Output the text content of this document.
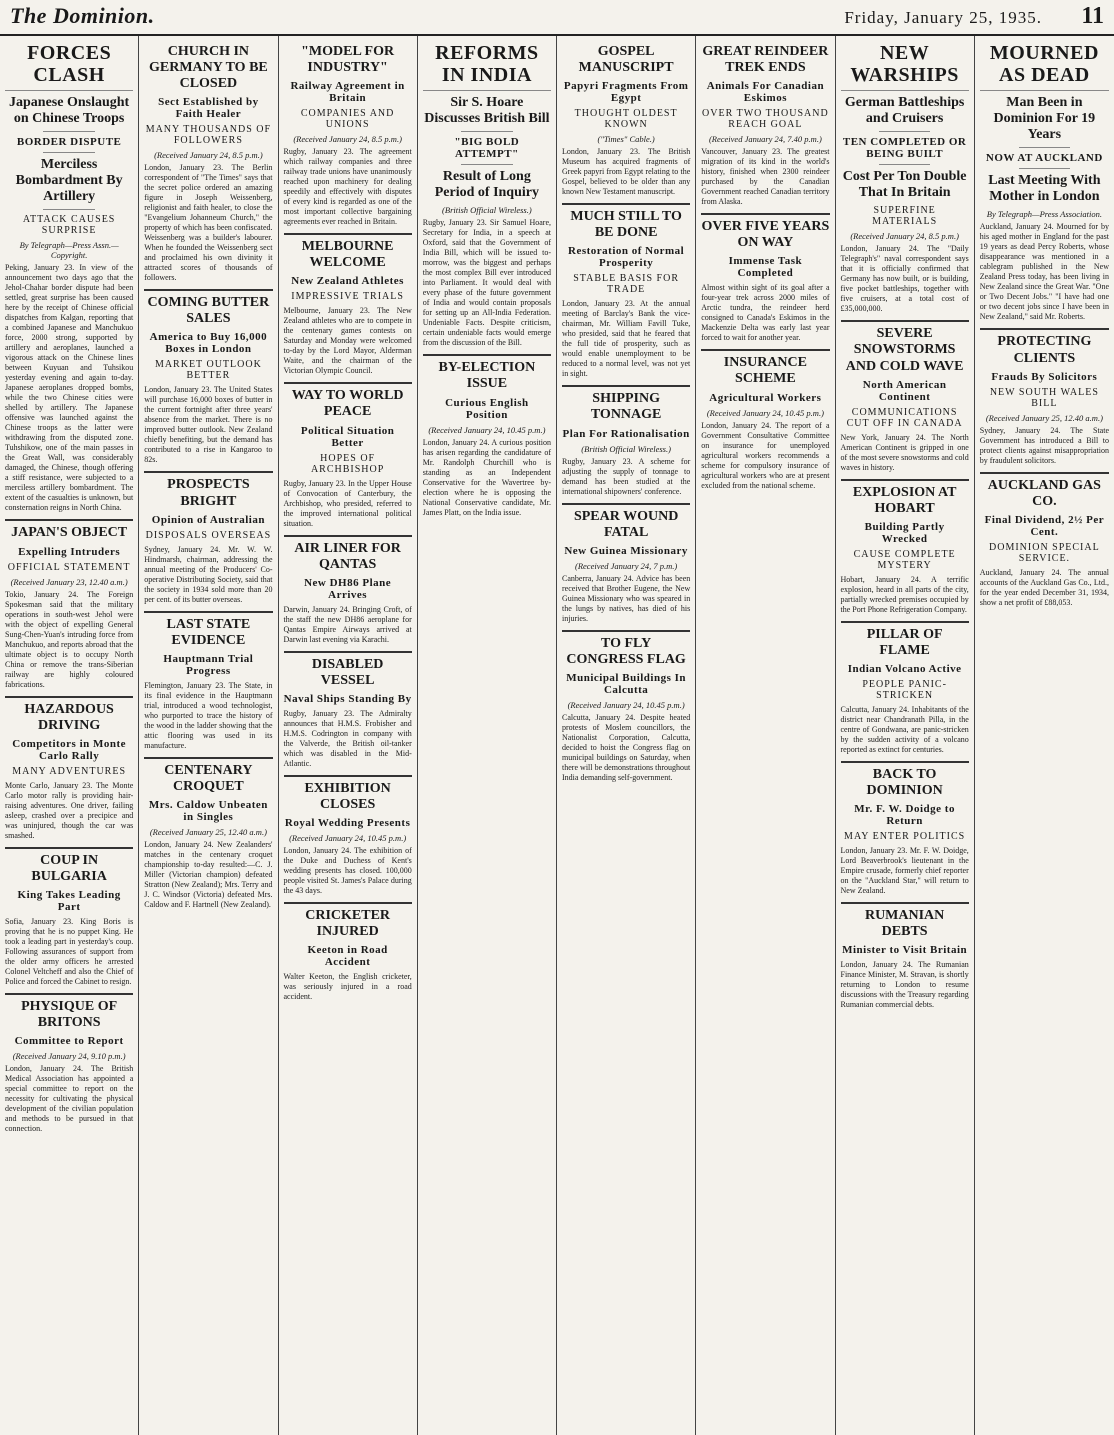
The Dominion.	Friday, January 25, 1935. 11
FORCES CLASH
Japanese Onslaught on Chinese Troops
BORDER DISPUTE
Merciless Bombardment By Artillery
ATTACK CAUSES SURPRISE
By Telegraph—Press Assn.—Copyright.
Peking, January 23. In view of the announcement two days ago that the Jehol-Chahar border dispute had been settled, great surprise has been caused here by the receipt of Chinese official dispatches from Kalgan, reporting that a combined Japanese and Manchukuo force, 2000 strong, supported by artillery and aeroplanes, launched a vigorous attack on the Chinese lines between Kuyuan and Tuhsikou yesterday evening and again to-day. Japanese aeroplanes dropped bombs, while the two Chinese cities were shelled by artillery. The Japanese offensive was launched against the Chinese troops as the latter were withdrawing from the disputed zone. Tuhshikow, one of the main passes in the Great Wall, was considerably damaged, the Chinese, though offering a stiff resistance, were subjected to a merciless artillery bombardment. The extent of the casualties is unknown, but consternation reigns in North China.
JAPAN'S OBJECT
Expelling Intruders
OFFICIAL STATEMENT
(Received January 23, 12.40 a.m.)
Tokio, January 24. The Foreign Spokesman said that the military operations in south-west Jehol were with the object of expelling General Sung-Chen-Yuan's intruding force from Manchukuo, and reports abroad that the ultimate object is to occupy North China or remove the trans-Siberian railway are highly coloured fabrications.
HAZARDOUS DRIVING
Competitors in Monte Carlo Rally
MANY ADVENTURES
Monte Carlo, January 23. The Monte Carlo motor rally is providing hair-raising adventures. One driver, failing asleep, crashed over a precipice and was uninjured, though the car was smashed.
COUP IN BULGARIA
King Takes Leading Part
Sofia, January 23. King Boris is proving that he is no puppet King. He took a leading part in yesterday's coup. Following assurances of support from the older army officers he arrested Colonel Veltcheff and also the Chief of Police and forced the Cabinet to resign.
PHYSIQUE OF BRITONS
Committee to Report
(Received January 24, 9.10 p.m.)
London, January 24. The British Medical Association has appointed a special committee to report on the necessity for cultivating the physical development of the civilian population and methods to be pursued in that connection.
CHURCH IN GERMANY TO BE CLOSED
Sect Established by Faith Healer
MANY THOUSANDS OF FOLLOWERS
(Received January 24, 8.5 p.m.)
London, January 23. The Berlin correspondent of "The Times" says that the secret police ordered an amazing figure in Joseph Weissenberg, religionist and faith healer, to close the "Evangelium Johanneum Church," the property of which has been confiscated. Weissenberg was a builder's labourer. When he founded the Weissenberg sect and proclaimed his own divinity it attracted scores of thousands of followers.
COMING BUTTER SALES
America to Buy 16,000 Boxes in London
MARKET OUTLOOK BETTER
London, January 23. The United States will purchase 16,000 boxes of butter in the current fortnight after three years' absence from the market. There is no improved butter outlook. New Zealand chiefly benefiting, but the demand has contributed to a rise in Kangaroo to 82s.
PROSPECTS BRIGHT
Opinion of Australian
DISPOSALS OVERSEAS
Sydney, January 24. Mr. W. W. Hindmarsh, chairman, addressing the annual meeting of the Producers' Co-operative Distributing Society, said that the society in 1934 sold more than 20 per cent. of its butter overseas.
LAST STATE EVIDENCE
Hauptmann Trial Progress
Flemington, January 23. The State, in its final evidence in the Hauptmann trial, introduced a wood technologist, who purported to trace the history of the wood in the ladder showing that the attic flooring was used in its manufacture.
CENTENARY CROQUET
Mrs. Caldow Unbeaten in Singles
(Received January 25, 12.40 a.m.)
London, January 24. New Zealanders' matches in the centenary croquet championship to-day resulted:—C. J. Miller (Victorian champion) defeated Stratton (New Zealand); Mrs. Terry and J. C. Windsor (Victoria) defeated Mrs. Caldow and F. Hartnell (New Zealand).
"MODEL FOR INDUSTRY"
Railway Agreement in Britain
COMPANIES AND UNIONS
(Received January 24, 8.5 p.m.)
Rugby, January 23. The agreement which railway companies and three railway trade unions have unanimously reached upon machinery for dealing speedily and effectively with disputes of every kind is regarded as one of the most important collective bargaining agreements ever reached in Britain.
MELBOURNE WELCOME
New Zealand Athletes
IMPRESSIVE TRIALS
Melbourne, January 23. The New Zealand athletes who are to compete in the centenary games contests on Saturday and Monday were welcomed to-day by the Lord Mayor, Alderman Waite, and the chairman of the Victorian Olympic Council.
WAY TO WORLD PEACE
Political Situation Better
HOPES OF ARCHBISHOP
Rugby, January 23. In the Upper House of Convocation of Canterbury, the Archbishop, who presided, referred to the improved international political situation.
AIR LINER FOR QANTAS
New DH86 Plane Arrives
Darwin, January 24. Bringing Croft, of the staff the new DH86 aeroplane for Qantas Empire Airways arrived at Darwin last evening via Karachi.
DISABLED VESSEL
Naval Ships Standing By
Rugby, January 23. The Admiralty announces that H.M.S. Frobisher and H.M.S. Codrington in company with the Valverde, the British oil-tanker which was disabled in the Mid-Atlantic.
EXHIBITION CLOSES
Royal Wedding Presents
(Received January 24, 10.45 p.m.)
London, January 24. The exhibition of the Duke and Duchess of Kent's wedding presents has closed. 100,000 people visited St. James's Palace during the 43 days.
CRICKETER INJURED
Keeton in Road Accident
Walter Keeton, the English cricketer, was seriously injured in a road accident.
REFORMS IN INDIA
Sir S. Hoare Discusses British Bill
"BIG BOLD ATTEMPT"
Result of Long Period of Inquiry
(British Official Wireless.)
Rugby, January 23. Sir Samuel Hoare, Secretary for India, in a speech at Oxford, said that the Government of India Bill, which will be issued to-morrow, was the biggest and perhaps the most complex Bill ever introduced into Parliament. It would deal with every phase of the future government of India and would contain proposals for setting up an All-India Federation. Undeniable Facts. Despite criticism, certain undeniable facts would emerge from the discussion of the Bill.
BY-ELECTION ISSUE
Curious English Position
(Received January 24, 10.45 p.m.)
London, January 24. A curious position has arisen regarding the candidature of Mr. Randolph Churchill who is standing as an Independent Conservative for the Wavertree by-election where he is opposing the National Conservative candidate, Mr. James Platt, on the India issue.
GOSPEL MANUSCRIPT
Papyri Fragments From Egypt
THOUGHT OLDEST KNOWN
("Times" Cable.)
London, January 23. The British Museum has acquired fragments of Greek papyri from Egypt relating to the Gospel, believed to be older than any known New Testament manuscript.
MUCH STILL TO BE DONE
Restoration of Normal Prosperity
STABLE BASIS FOR TRADE
London, January 23. At the annual meeting of Barclay's Bank the vice-chairman, Mr. William Favill Tuke, who presided, said that he feared that the full tide of prosperity, such as would enable unemployment to be reduced to a normal level, was not yet in sight.
SHIPPING TONNAGE
Plan For Rationalisation
(British Official Wireless.)
Rugby, January 23. A scheme for adjusting the supply of tonnage to demand has been studied at the international shipowners' conference.
SPEAR WOUND FATAL
New Guinea Missionary
(Received January 24, 7 p.m.)
Canberra, January 24. Advice has been received that Brother Eugene, the New Guinea Missionary who was speared in the lungs by natives, has died of his injuries.
TO FLY CONGRESS FLAG
Municipal Buildings In Calcutta
(Received January 24, 10.45 p.m.)
Calcutta, January 24. Despite heated protests of Moslem councillors, the Nationalist Corporation, Calcutta, decided to hoist the Congress flag on municipal buildings on Saturday, when there will be demonstrations throughout India demanding self-government.
GREAT REINDEER TREK ENDS
Animals For Canadian Eskimos
OVER TWO THOUSAND REACH GOAL
(Received January 24, 7.40 p.m.)
Vancouver, January 23. The greatest migration of its kind in the world's history, finished when 2300 reindeer purchased by the Canadian Government reached Canadian territory from Alaska.
OVER FIVE YEARS ON WAY
Immense Task Completed
Almost within sight of its goal after a four-year trek across 2000 miles of Arctic tundra, the reindeer herd consigned to Canada's Eskimos in the Mackenzie Delta was early last year forced to wait for another year.
INSURANCE SCHEME
Agricultural Workers
(Received January 24, 10.45 p.m.)
London, January 24. The report of a Government Consultative Committee on insurance for unemployed agricultural workers recommends a scheme for compulsory insurance of agricultural workers who are at present excluded from the national scheme.
NEW WARSHIPS
German Battleships and Cruisers
TEN COMPLETED OR BEING BUILT
Cost Per Ton Double That In Britain
SUPERFINE MATERIALS
(Received January 24, 8.5 p.m.)
London, January 24. The "Daily Telegraph's" naval correspondent says that it is officially confirmed that Germany has now built, or is building, five pocket battleships, together with five cruisers, at a total cost of £35,000,000.
SEVERE SNOWSTORMS AND COLD WAVE
North American Continent
COMMUNICATIONS CUT OFF IN CANADA
New York, January 24. The North American Continent is gripped in one of the most severe snowstorms and cold waves in history.
EXPLOSION AT HOBART
Building Partly Wrecked
CAUSE COMPLETE MYSTERY
Hobart, January 24. A terrific explosion, heard in all parts of the city, partially wrecked premises occupied by the Port Phone Refrigeration Company.
PILLAR OF FLAME
Indian Volcano Active
PEOPLE PANIC-STRICKEN
Calcutta, January 24. Inhabitants of the district near Chandranath Pilla, in the centre of Gondwana, are panic-stricken by the sudden activity of a volcano reported as extinct for centuries.
BACK TO DOMINION
Mr. F. W. Doidge to Return
MAY ENTER POLITICS
London, January 23. Mr. F. W. Doidge, Lord Beaverbrook's lieutenant in the Empire crusade, formerly chief reporter on the "Auckland Star," will return to New Zealand.
RUMANIAN DEBTS
Minister to Visit Britain
London, January 24. The Rumanian Finance Minister, M. Stravan, is shortly returning to London to resume discussions with the Treasury regarding Rumanian commercial debts.
MOURNED AS DEAD
Man Been in Dominion For 19 Years
NOW AT AUCKLAND
Last Meeting With Mother in London
By Telegraph—Press Association.
Auckland, January 24. Mourned for by his aged mother in England for the past 19 years as dead Percy Roberts, whose disappearance was mentioned in a cablegram published in the New Zealand Press today, has been living in New Zealand since the Great War. "One or Two Decent Jobs." "I have had one or two decent jobs since I have been in New Zealand," said Mr. Roberts.
PROTECTING CLIENTS
Frauds By Solicitors
NEW SOUTH WALES BILL
(Received January 25, 12.40 a.m.)
Sydney, January 24. The State Government has introduced a Bill to protect clients against misappropriation by fraudulent solicitors.
AUCKLAND GAS CO.
Final Dividend, 2½ Per Cent.
DOMINION SPECIAL SERVICE.
Auckland, January 24. The annual accounts of the Auckland Gas Co., Ltd., for the year ended December 31, 1934, show a net profit of £88,053.
